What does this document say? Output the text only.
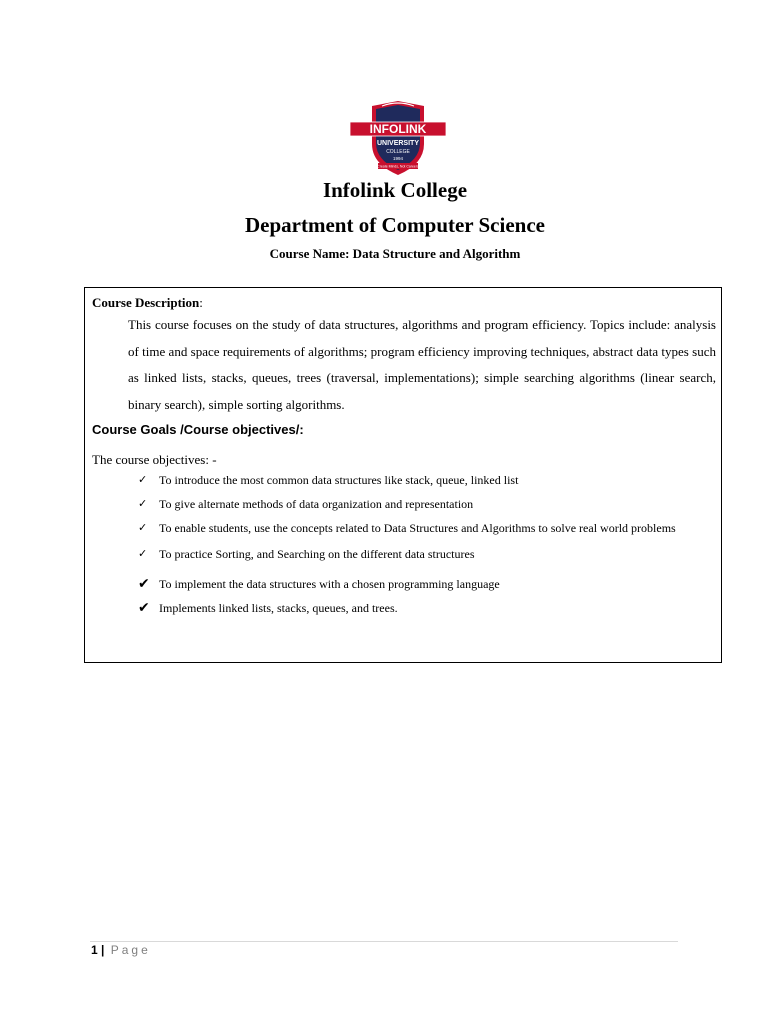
INFOLINK
UNIVERSITY
COLLEGE
1994
Create Minds, Not Careers
Infolink College
Department of Computer Science
Course Name: Data Structure and Algorithm
Course Description:
This course focuses on the study of data structures, algorithms and program efficiency. Topics include: analysis of time and space requirements of algorithms; program efficiency improving techniques, abstract data types such as linked lists, stacks, queues, trees (traversal, implementations); simple searching algorithms (linear search, binary search), simple sorting algorithms.
Course Goals /Course objectives/:
The course objectives: -
✓ To introduce the most common data structures like stack, queue, linked list
✓ To give alternate methods of data organization and representation
✓ To enable students, use the concepts related to Data Structures and Algorithms to solve real world problems
✓ To practice Sorting, and Searching on the different data structures
✔ To implement the data structures with a chosen programming language
✔ Implements linked lists, stacks, queues, and trees.
1 | Page
